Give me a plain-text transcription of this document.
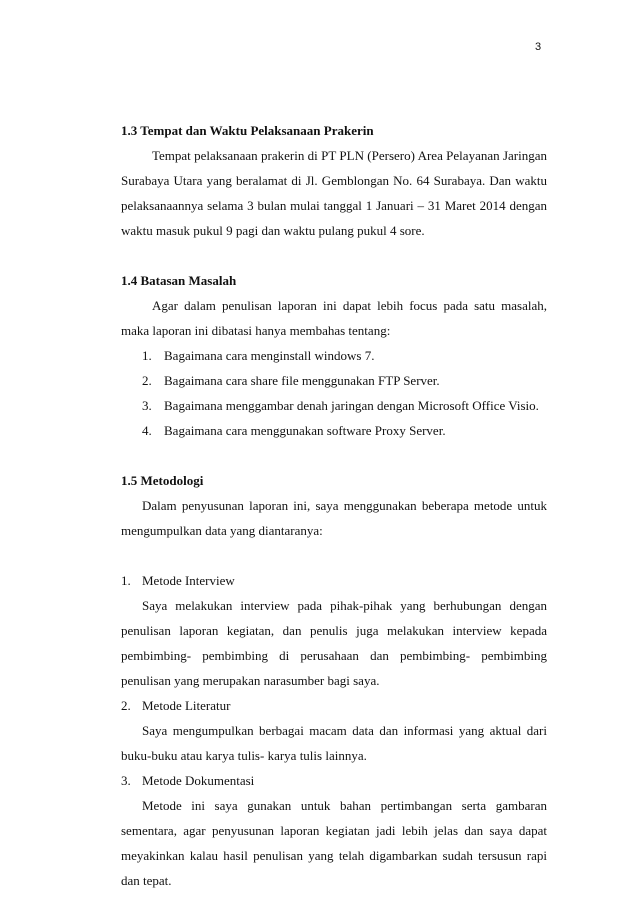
3
1.3 Tempat dan Waktu Pelaksanaan Prakerin

Tempat pelaksanaan prakerin di PT PLN (Persero) Area Pelayanan Jaringan Surabaya Utara yang beralamat di Jl. Gemblongan No. 64 Surabaya. Dan waktu pelaksanaannya selama 3 bulan mulai tanggal 1 Januari – 31 Maret 2014 dengan waktu masuk pukul 9 pagi dan waktu pulang pukul 4 sore.

1.4 Batasan Masalah

Agar dalam penulisan laporan ini dapat lebih focus pada satu masalah, maka laporan ini dibatasi hanya membahas tentang:

1. Bagaimana cara menginstall windows 7.
2. Bagaimana cara share file menggunakan FTP Server.
3. Bagaimana menggambar denah jaringan dengan Microsoft Office Visio.
4. Bagaimana cara menggunakan software Proxy Server.
1.5 Metodologi

Dalam penyusunan laporan ini, saya menggunakan beberapa metode untuk mengumpulkan data yang diantaranya:

1. Metode Interview

Saya melakukan interview pada pihak-pihak yang berhubungan dengan penulisan laporan kegiatan, dan penulis juga melakukan interview kepada pembimbing- pembimbing di perusahaan dan pembimbing- pembimbing penulisan yang merupakan narasumber bagi saya.

2. Metode Literatur

Saya mengumpulkan berbagai macam data dan informasi yang aktual dari buku-buku atau karya tulis- karya tulis lainnya.

3. Metode Dokumentasi

Metode ini saya gunakan untuk bahan pertimbangan serta gambaran sementara, agar penyusunan laporan kegiatan jadi lebih jelas dan saya dapat meyakinkan kalau hasil penulisan yang telah digambarkan sudah tersusun rapi dan tepat.
